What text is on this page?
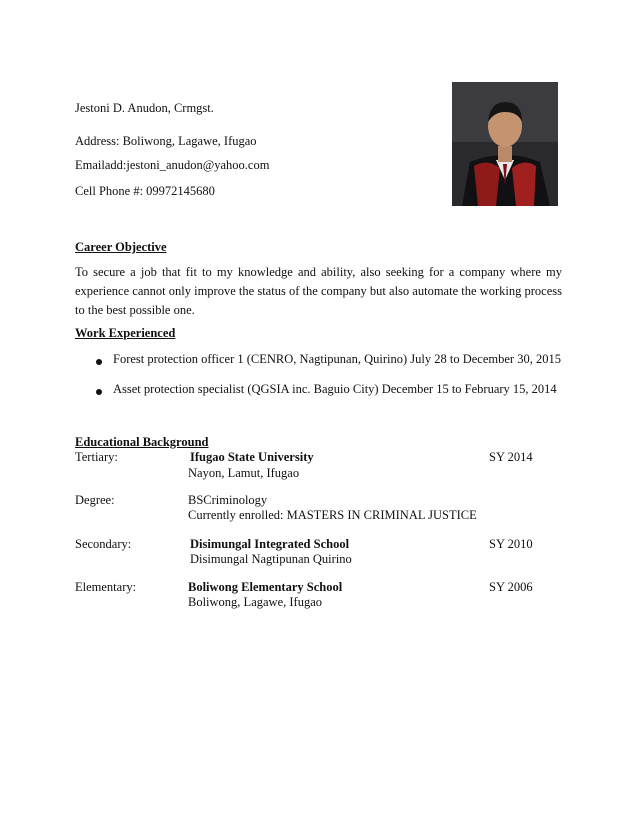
Jestoni D. Anudon, Crmgst.
Address: Boliwong, Lagawe, Ifugao
Emailadd:jestoni_anudon@yahoo.com
Cell Phone #: 09972145680
Career Objective
To secure a job that fit to my knowledge and ability, also seeking for a company where my experience cannot only improve the status of the company but also automate the working process to the best possible one.
Work Experienced
Forest protection officer 1 (CENRO, Nagtipunan, Quirino) July 28 to December 30, 2015
Asset protection specialist (QGSIA inc. Baguio City) December 15 to February 15, 2014
Educational Background
Tertiary:	Ifugao State University	SY 2014
Nayon, Lamut, Ifugao
Degree:	BSCriminology
Currently enrolled: MASTERS IN CRIMINAL JUSTICE
Secondary:	Disimungal Integrated School	SY 2010
Disimungal Nagtipunan Quirino
Elementary:	Boliwong Elementary School	SY 2006
Boliwong, Lagawe, Ifugao
